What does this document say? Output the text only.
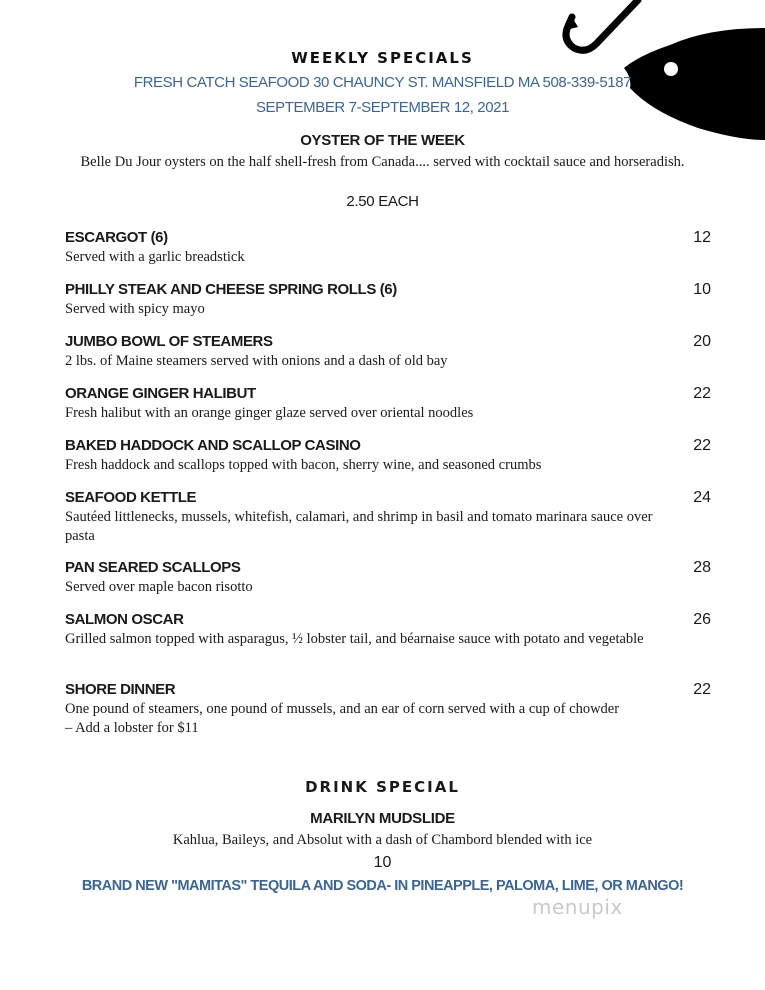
WEEKLY SPECIALS
FRESH CATCH SEAFOOD 30 CHAUNCY ST. MANSFIELD MA 508-339-5187
SEPTEMBER 7-SEPTEMBER 12, 2021
OYSTER OF THE WEEK
Belle Du Jour oysters on the half shell-fresh from Canada.... served with cocktail sauce and horseradish.
2.50 EACH
ESCARGOT (6)	12
Served with a garlic breadstick
PHILLY STEAK AND CHEESE SPRING ROLLS (6)	10
Served with spicy mayo
JUMBO BOWL OF STEAMERS	20
2 lbs. of Maine steamers served with onions and a dash of old bay
ORANGE GINGER HALIBUT	22
Fresh halibut with an orange ginger glaze served over oriental noodles
BAKED HADDOCK AND SCALLOP CASINO	22
Fresh haddock and scallops topped with bacon, sherry wine, and seasoned crumbs
SEAFOOD KETTLE	24
Sautéed littlenecks, mussels, whitefish, calamari, and shrimp in basil and tomato marinara sauce over pasta
PAN SEARED SCALLOPS	28
Served over maple bacon risotto
SALMON OSCAR	26
Grilled salmon topped with asparagus, ½ lobster tail, and béarnaise sauce with potato and vegetable
SHORE DINNER	22
One pound of steamers, one pound of mussels, and an ear of corn served with a cup of chowder
– Add a lobster for $11
DRINK SPECIAL
MARILYN MUDSLIDE
Kahlua, Baileys, and Absolut with a dash of Chambord blended with ice
10
BRAND NEW "MAMITAS" TEQUILA AND SODA- IN PINEAPPLE, PALOMA, LIME, OR MANGO!
menupix
